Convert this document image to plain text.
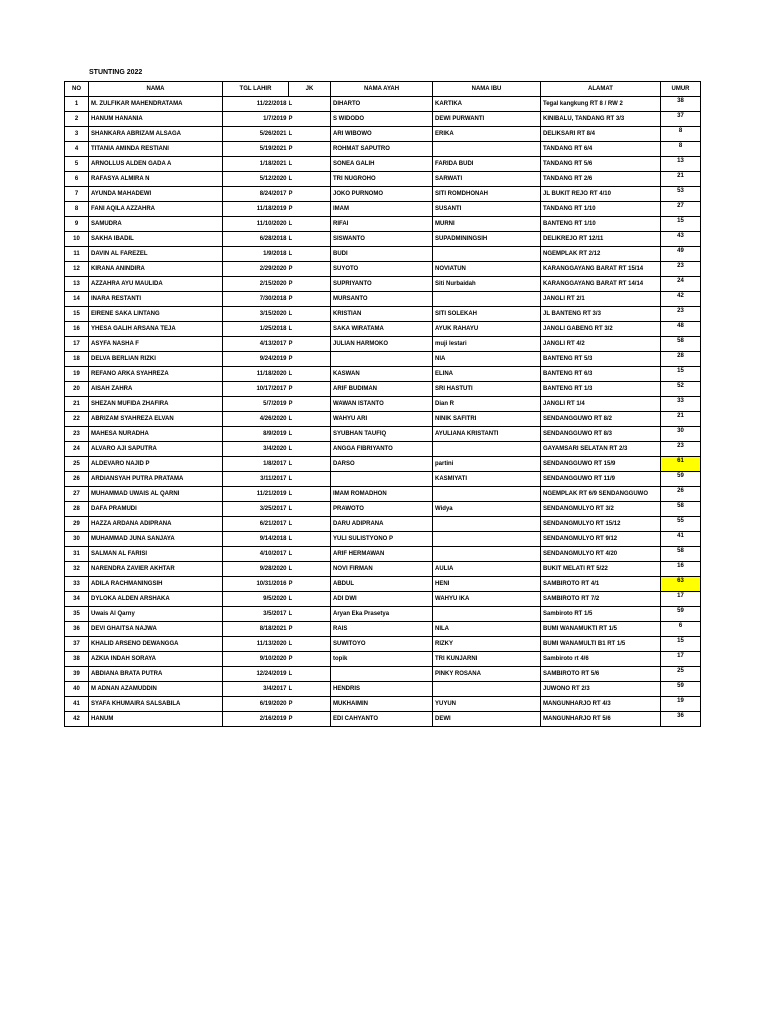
STUNTING 2022
NO	NAMA	TGL LAHIR	JK	NAMA AYAH	NAMA IBU	ALAMAT	UMUR
1	M. ZULFIKAR MAHENDRATAMA	11/22/2018	L	DIHARTO	KARTIKA	Tegal kangkung RT 8 / RW 2	38
2	HANUM HANANIA	1/7/2019	P	S WIDODO	DEWI PURWANTI	KINIBALU, TANDANG RT 3/3	37
3	SHANKARA ABRIZAM ALSAGA	5/26/2021	L	ARI WIBOWO	ERIKA	DELIKSARI RT 8/4	8
4	TITANIA AMINDA RESTIANI	5/19/2021	P	ROHMAT SAPUTRO		TANDANG RT 6/4	8
5	ARNOLLUS ALDEN GADA A	1/18/2021	L	SONEA GALIH	FARIDA BUDI	TANDANG RT 5/6	13
6	RAFASYA ALMIRA N	5/12/2020	L	TRI NUGROHO	SARWATI	TANDANG RT 2/6	21
7	AYUNDA MAHADEWI	8/24/2017	P	JOKO PURNOMO	SITI ROMDHONAH	JL BUKIT REJO RT 4/10	53
8	FANI AQILA AZZAHRA	11/18/2019	P	IMAM	SUSANTI	TANDANG RT 1/10	27
9	SAMUDRA	11/10/2020	L	RIFAI	MURNI	BANTENG RT 1/10	15
10	SAKHA IBADIL	6/28/2018	L	SISWANTO	SUPADMININGSIH	DELIKREJO RT 12/11	43
11	DAVIN AL FAREZEL	1/9/2018	L	BUDI		NGEMPLAK RT 2/12	49
12	KIRANA ANINDIRA	2/29/2020	P	SUYOTO	NOVIATUN	KARANGGAYANG BARAT RT 15/14	23
13	AZZAHRA AYU MAULIDA	2/15/2020	P	SUPRIYANTO	Siti Nurbaidah	KARANGGAYANG BARAT RT 14/14	24
14	INARA RESTANTI	7/30/2018	P	MURSANTO		JANGLI RT 2/1	42
15	EIRENE SAKA LINTANG	3/15/2020	L	KRISTIAN	SITI SOLEKAH	JL BANTENG RT 3/3	23
16	YHESA GALIH ARSANA TEJA	1/25/2018	L	SAKA WIRATAMA	AYUK RAHAYU	JANGLI GABENG RT 3/2	48
17	ASYFA NASHA F	4/13/2017	P	JULIAN HARMOKO	muji lestari	JANGLI RT 4/2	58
18	DELVA BERLIAN RIZKI	9/24/2019	P		NIA	BANTENG RT 5/3	28
19	REFANO ARKA SYAHREZA	11/18/2020	L	KASWAN	ELINA	BANTENG RT 6/3	15
20	AISAH ZAHRA	10/17/2017	P	ARIF BUDIMAN	SRI HASTUTI	BANTENG RT 1/3	52
21	SHEZAN MUFIDA ZHAFIRA	5/7/2019	P	WAWAN ISTANTO	Dian R	JANGLI RT 1/4	33
22	ABRIZAM SYAHREZA ELVAN	4/26/2020	L	WAHYU ARI	NINIK SAFITRI	SENDANGGUWO RT 8/2	21
23	MAHESA NURADHA	8/9/2019	L	SYUBHAN TAUFIQ	AYULIANA KRISTANTI	SENDANGGUWO RT 8/3	30
24	ALVARO AJI SAPUTRA	3/4/2020	L	ANGGA FIBRIYANTO		GAYAMSARI SELATAN RT 2/3	23
25	ALDEVARO NAJID P	1/8/2017	L	DARSO	partini	SENDANGGUWO RT 15/9	61
26	ARDIANSYAH PUTRA PRATAMA	3/11/2017	L		KASMIYATI	SENDANGGUWO RT 11/9	59
27	MUHAMMAD UWAIS AL QARNI	11/21/2019	L	IMAM ROMADHON		NGEMPLAK RT 6/9 SENDANGGUWO	26
28	DAFA PRAMUDI	3/25/2017	L	PRAWOTO	Widya	SENDANGMULYO RT 3/2	58
29	HAZZA ARDANA ADIPRANA	6/21/2017	L	DARU ADIPRANA		SENDANGMULYO RT 15/12	55
30	MUHAMMAD JUNA SANJAYA	9/14/2018	L	YULI SULISTYONO P		SENDANGMULYO RT 9/12	41
31	SALMAN AL FARISI	4/10/2017	L	ARIF HERMAWAN		SENDANGMULYO RT 4/20	58
32	NARENDRA ZAVIER AKHTAR	9/28/2020	L	NOVI FIRMAN	AULIA	BUKIT MELATI RT 5/22	16
33	ADILA RACHMANINGSIH	10/31/2016	P	ABDUL	HENI	SAMBIROTO RT 4/1	63
34	DYLOKA ALDEN ARSHAKA	9/5/2020	L	ADI DWI	WAHYU IKA	SAMBIROTO RT 7/2	17
35	Uwais Al Qarny	3/5/2017	L	Aryan Eka Prasetya		Sambiroto RT 1/5	59
36	DEVI GHAITSA NAJWA	8/18/2021	P	RAIS	NILA	BUMI WANAMUKTI RT 1/5	6
37	KHALID ARSENO DEWANGGA	11/13/2020	L	SUWITOYO	RIZKY	BUMI WANAMULTI B1 RT 1/5	15
38	AZKIA INDAH SORAYA	9/10/2020	P	topik	TRI KUNJARNI	Sambiroto rt 4/6	17
39	ABDIANA BRATA PUTRA	12/24/2019	L		PINKY ROSANA	SAMBIROTO RT 5/6	25
40	M ADNAN AZAMUDDIN	3/4/2017	L	HENDRIS		JUWONO RT 2/3	59
41	SYAFA KHUMAIRA SALSABILA	6/19/2020	P	MUKHAIMIN	YUYUN	MANGUNHARJO RT 4/3	19
42	HANUM	2/16/2019	P	EDI CAHYANTO	DEWI	MANGUNHARJO RT 5/6	36
